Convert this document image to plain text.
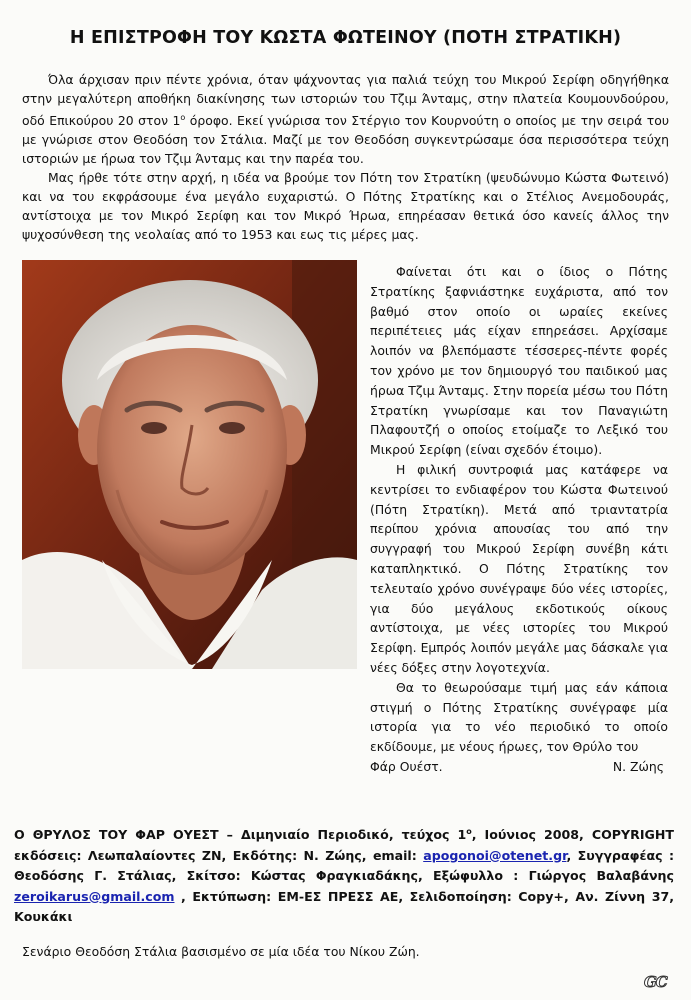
Η ΕΠΙΣΤΡΟΦΗ ΤΟΥ ΚΩΣΤΑ ΦΩΤΕΙΝΟΥ (ΠΟΤΗ ΣΤΡΑΤΙΚΗ)

Όλα άρχισαν πριν πέντε χρόνια, όταν ψάχνοντας για παλιά τεύχη του Μικρού Σερίφη οδηγήθηκα στην μεγαλύτερη αποθήκη διακίνησης των ιστοριών του Τζιμ Άνταμς, στην πλατεία Κουμουνδούρου, οδό Επικούρου 20 στον $1^o$ όροφο. Εκεί γνώρισα τον Στέργιο τον Κουρνούτη ο οποίος με την σειρά του με γνώρισε στον Θεοδόση τον Στάλια. Μαζί με τον Θεοδόση συγκεντρώσαμε όσα περισσότερα τεύχη ιστοριών με ήρωα τον Τζιμ Άνταμς και την παρέα του.

Μας ήρθε τότε στην αρχή, η ιδέα να βρούμε τον Πότη τον Στρατίκη (ψευδώνυμο Κώστα Φωτεινό) και να του εκφράσουμε ένα μεγάλο ευχαριστώ. Ο Πότης Στρατίκης και ο Στέλιος Ανεμοδουράς, αντίστοιχα με τον Μικρό Σερίφη και τον Μικρό Ήρωα, επηρέασαν θετικά όσο κανείς άλλος την ψυχοσύνθεση της νεολαίας από το 1953 και εως τις μέρες μας.

Φαίνεται ότι και ο ίδιος ο Πότης Στρατίκης ξαφνιάστηκε ευχάριστα, από τον βαθμό στον οποίο οι ωραίες εκείνες περιπέτειες μάς είχαν επηρεάσει. Αρχίσαμε λοιπόν να βλεπόμαστε τέσσερες-πέντε φορές τον χρόνο με τον δημιουργό του παιδικού μας ήρωα Τζιμ Άνταμς. Στην πορεία μέσω του Πότη Στρατίκη γνωρίσαμε και τον Παναγιώτη Πλαφουτζή ο οποίος ετοίμαζε το Λεξικό του Μικρού Σερίφη (είναι σχεδόν έτοιμο).

Η φιλική συντροφιά μας κατάφερε να κεντρίσει το ενδιαφέρον του Κώστα Φωτεινού (Πότη Στρατίκη). Μετά από τριαντατρία περίπου χρόνια απουσίας του από την συγγραφή του Μικρού Σερίφη συνέβη κάτι καταπληκτικό. Ο Πότης Στρατίκης τον τελευταίο χρόνο συνέγραψε δύο νέες ιστορίες, για δύο μεγάλους εκδοτικούς οίκους αντίστοιχα, με νέες ιστορίες του Μικρού Σερίφη. Εμπρός λοιπόν μεγάλε μας δάσκαλε για νέες δόξες στην λογοτεχνία.

Θα το θεωρούσαμε τιμή μας εάν κάποια στιγμή ο Πότης Στρατίκης συνέγραφε μία ιστορία για το νέο περιοδικό το οποίο εκδίδουμε, με νέους ήρωες, τον Θρύλο του

Φάρ Ουέστ.	Ν. Ζώης
Ο ΘΡΥΛΟΣ ΤΟΥ ΦΑΡ ΟΥΕΣΤ – Διμηνιαίο Περιοδικό, τεύχος $1^o$, Ιούνιος 2008, COPYRIGHT εκδόσεις: Λεωπαλαίοντες ΖΝ, Εκδότης: Ν. Ζώης, email: apogonoi@otenet.gr, Συγγραφέας : Θεοδόσης Γ. Στάλιας, Σκίτσο: Κώστας Φραγκιαδάκης, Εξώφυλλο : Γιώργος Βαλαβάνης zeroikarus@gmail.com , Εκτύπωση: ΕΜ-ΕΣ ΠΡΕΣΣ ΑΕ, Σελιδοποίηση: Copy+, Αν. Ζίννη 37, Κουκάκι
Σενάριο Θεοδόση Στάλια βασισμένο σε μία ιδέα του Νίκου Ζώη.
GC
